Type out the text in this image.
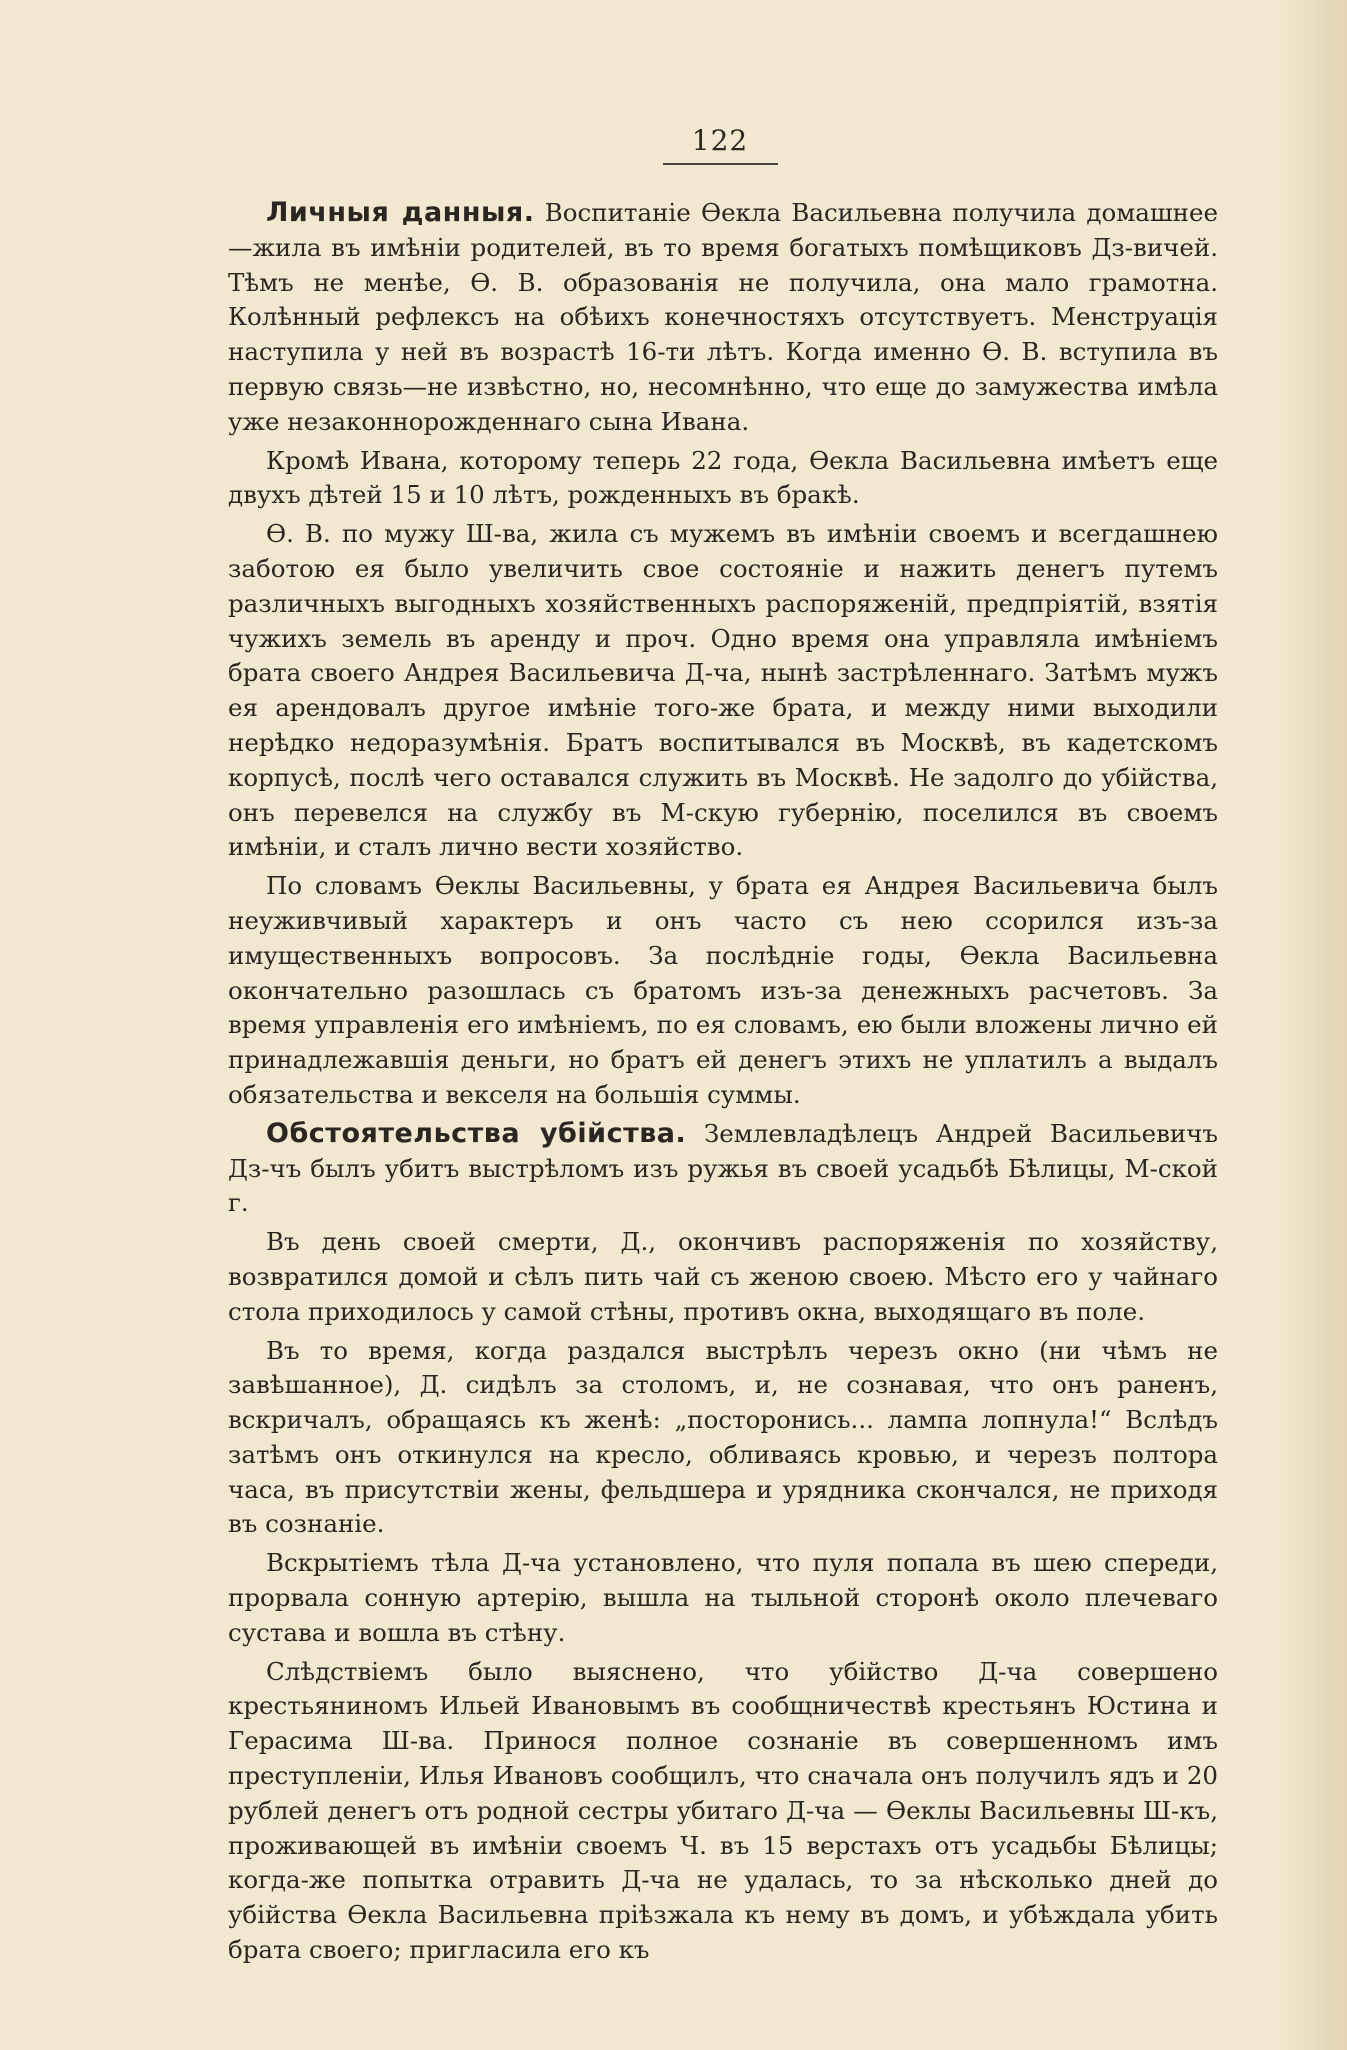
122

Личныя данныя. Воспитаніе Ѳекла Васильевна получила домашнее—жила въ имѣніи родителей, въ то время богатыхъ помѣщиковъ Дз-вичей. Тѣмъ не менѣе, Ѳ. В. образованія не получила, она мало грамотна. Колѣнный рефлексъ на обѣихъ конечностяхъ отсутствуетъ. Менструація наступила у ней въ возрастѣ 16-ти лѣтъ. Когда именно Ѳ. В. вступила въ первую связь—не извѣстно, но, несомнѣнно, что еще до замужества имѣла уже незаконнорожденнаго сына Ивана.

Кромѣ Ивана, которому теперь 22 года, Ѳекла Васильевна имѣетъ еще двухъ дѣтей 15 и 10 лѣтъ, рожденныхъ въ бракѣ.

Ѳ. В. по мужу Ш-ва, жила съ мужемъ въ имѣніи своемъ и всегдашнею заботою ея было увеличить свое состояніе и нажить денегъ путемъ различныхъ выгодныхъ хозяйственныхъ распоряженій, предпріятій, взятія чужихъ земель въ аренду и проч. Одно время она управляла имѣніемъ брата своего Андрея Васильевича Д-ча, нынѣ застрѣленнаго. Затѣмъ мужъ ея арендовалъ другое имѣніе того-же брата, и между ними выходили нерѣдко недоразумѣнія. Братъ воспитывался въ Москвѣ, въ кадетскомъ корпусѣ, послѣ чего оставался служить въ Москвѣ. Не задолго до убійства, онъ перевелся на службу въ М-скую губернію, поселился въ своемъ имѣніи, и сталъ лично вести хозяйство.

По словамъ Ѳеклы Васильевны, у брата ея Андрея Васильевича былъ неуживчивый характеръ и онъ часто съ нею ссорился изъ-за имущественныхъ вопросовъ. За послѣдніе годы, Ѳекла Васильевна окончательно разошлась съ братомъ изъ-за денежныхъ расчетовъ. За время управленія его имѣніемъ, по ея словамъ, ею были вложены лично ей принадлежавшія деньги, но братъ ей денегъ этихъ не уплатилъ а выдалъ обязательства и векселя на большія суммы.

Обстоятельства убійства. Землевладѣлецъ Андрей Васильевичъ Дз-чъ былъ убитъ выстрѣломъ изъ ружья въ своей усадьбѣ Бѣлицы, М-ской г.

Въ день своей смерти, Д., окончивъ распоряженія по хозяйству, возвратился домой и сѣлъ пить чай съ женою своею. Мѣсто его у чайнаго стола приходилось у самой стѣны, противъ окна, выходящаго въ поле.

Въ то время, когда раздался выстрѣлъ черезъ окно (ни чѣмъ не завѣшанное), Д. сидѣлъ за столомъ, и, не сознавая, что онъ раненъ, вскричалъ, обращаясь къ женѣ: „посторонись... лампа лопнула!“ Вслѣдъ затѣмъ онъ откинулся на кресло, обливаясь кровью, и черезъ полтора часа, въ присутствіи жены, фельдшера и урядника скончался, не приходя въ сознаніе.

Вскрытіемъ тѣла Д-ча установлено, что пуля попала въ шею спереди, прорвала сонную артерію, вышла на тыльной сторонѣ около плечеваго сустава и вошла въ стѣну.

Слѣдствіемъ было выяснено, что убійство Д-ча совершено крестьяниномъ Ильей Ивановымъ въ сообщничествѣ крестьянъ Юстина и Герасима Ш-ва. Принося полное сознаніе въ совершенномъ имъ преступленіи, Илья Ивановъ сообщилъ, что сначала онъ получилъ ядъ и 20 рублей денегъ отъ родной сестры убитаго Д-ча — Ѳеклы Васильевны Ш-къ, проживающей въ имѣніи своемъ Ч. въ 15 верстахъ отъ усадьбы Бѣлицы; когда-же попытка отравить Д-ча не удалась, то за нѣсколько дней до убійства Ѳекла Васильевна пріѣзжала къ нему въ домъ, и убѣждала убить брата своего; пригласила его къ
